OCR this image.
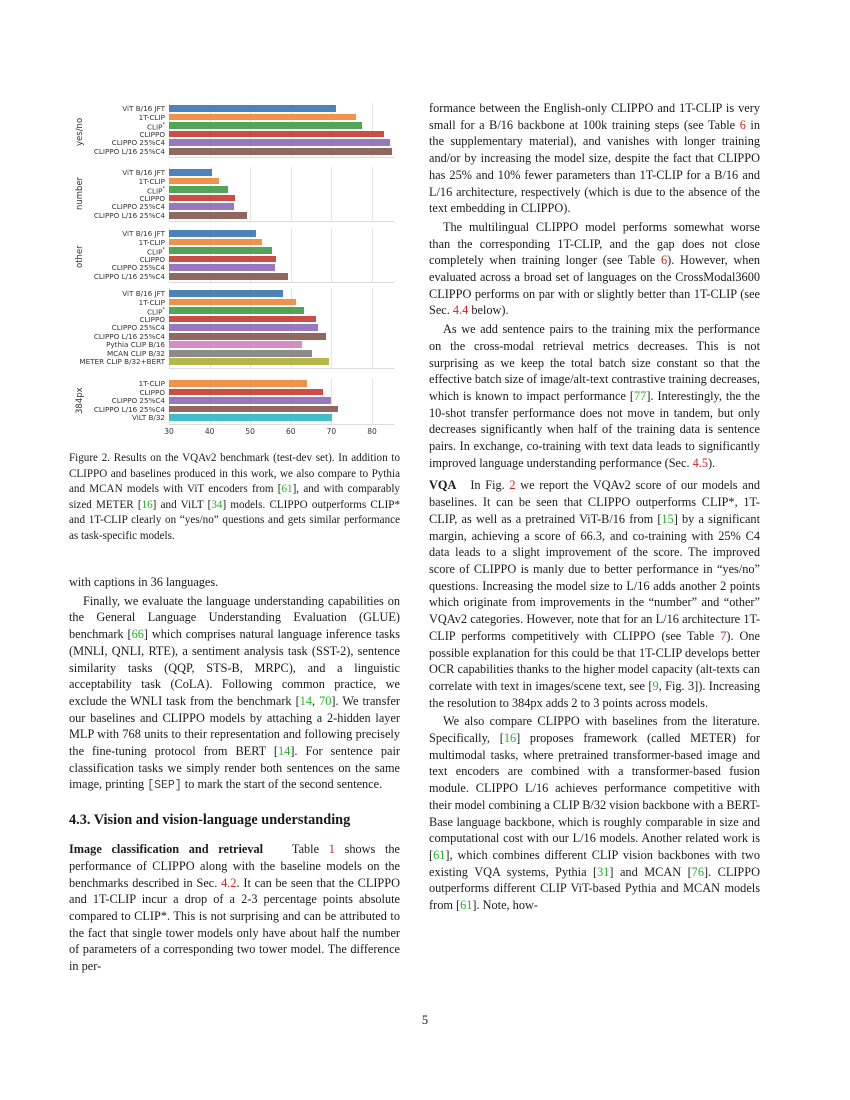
yes/no
ViT B/16 JFT
1T-CLIP
CLIP*
CLIPPO
CLIPPO 25%C4
CLIPPO L/16 25%C4
number
ViT B/16 JFT
1T-CLIP
CLIP*
CLIPPO
CLIPPO 25%C4
CLIPPO L/16 25%C4
other
ViT B/16 JFT
1T-CLIP
CLIP*
CLIPPO
CLIPPO 25%C4
CLIPPO L/16 25%C4
ViT B/16 JFT
1T-CLIP
CLIP*
CLIPPO
CLIPPO 25%C4
CLIPPO L/16 25%C4
Pythia CLIP B/16
MCAN CLIP B/32
METER CLIP B/32+BERT
384px
1T-CLIP
CLIPPO
CLIPPO 25%C4
CLIPPO L/16 25%C4
ViLT B/32
30	40	50	60	70	80
Figure 2. Results on the VQAv2 benchmark (test-dev set). In addition to CLIPPO and baselines produced in this work, we also compare to Pythia and MCAN models with ViT encoders from [61], and with comparably sized METER [16] and ViLT [34] models. CLIPPO outperforms CLIP* and 1T-CLIP clearly on “yes/no” questions and gets similar performance as task-specific models.

with captions in 36 languages.

Finally, we evaluate the language understanding capabilities on the General Language Understanding Evaluation (GLUE) benchmark [66] which comprises natural language inference tasks (MNLI, QNLI, RTE), a sentiment analysis task (SST-2), sentence similarity tasks (QQP, STS-B, MRPC), and a linguistic acceptability task (CoLA). Following common practice, we exclude the WNLI task from the benchmark [14, 70]. We transfer our baselines and CLIPPO models by attaching a 2-hidden layer MLP with 768 units to their representation and following precisely the fine-tuning protocol from BERT [14]. For sentence pair classification tasks we simply render both sentences on the same image, printing [SEP] to mark the start of the second sentence.

4.3. Vision and vision-language understanding

Image classification and retrieval   Table 1 shows the performance of CLIPPO along with the baseline models on the benchmarks described in Sec. 4.2. It can be seen that the CLIPPO and 1T-CLIP incur a drop of a 2-3 percentage points absolute compared to CLIP*. This is not surprising and can be attributed to the fact that single tower models only have about half the number of parameters of a corresponding two tower model. The difference in per-

formance between the English-only CLIPPO and 1T-CLIP is very small for a B/16 backbone at 100k training steps (see Table 6 in the supplementary material), and vanishes with longer training and/or by increasing the model size, despite the fact that CLIPPO has 25% and 10% fewer parameters than 1T-CLIP for a B/16 and L/16 architecture, respectively (which is due to the absence of the text embedding in CLIPPO).

The multilingual CLIPPO model performs somewhat worse than the corresponding 1T-CLIP, and the gap does not close completely when training longer (see Table 6). However, when evaluated across a broad set of languages on the CrossModal3600 CLIPPO performs on par with or slightly better than 1T-CLIP (see Sec. 4.4 below).

As we add sentence pairs to the training mix the performance on the cross-modal retrieval metrics decreases. This is not surprising as we keep the total batch size constant so that the effective batch size of image/alt-text contrastive training decreases, which is known to impact performance [77]. Interestingly, the the 10-shot transfer performance does not move in tandem, but only decreases significantly when half of the training data is sentence pairs. In exchange, co-training with text data leads to significantly improved language understanding performance (Sec. 4.5).

VQA   In Fig. 2 we report the VQAv2 score of our models and baselines. It can be seen that CLIPPO outperforms CLIP*, 1T-CLIP, as well as a pretrained ViT-B/16 from [15] by a significant margin, achieving a score of 66.3, and co-training with 25% C4 data leads to a slight improvement of the score. The improved score of CLIPPO is manly due to better performance in “yes/no” questions. Increasing the model size to L/16 adds another 2 points which originate from improvements in the “number” and “other” VQAv2 categories. However, note that for an L/16 architecture 1T-CLIP performs competitively with CLIPPO (see Table 7). One possible explanation for this could be that 1T-CLIP develops better OCR capabilities thanks to the higher model capacity (alt-texts can correlate with text in images/scene text, see [9, Fig. 3]). Increasing the resolution to 384px adds 2 to 3 points across models.

We also compare CLIPPO with baselines from the literature. Specifically, [16] proposes framework (called METER) for multimodal tasks, where pretrained transformer-based image and text encoders are combined with a transformer-based fusion module. CLIPPO L/16 achieves performance competitive with their model combining a CLIP B/32 vision backbone with a BERT-Base language backbone, which is roughly comparable in size and computational cost with our L/16 models. Another related work is [61], which combines different CLIP vision backbones with two existing VQA systems, Pythia [31] and MCAN [76]. CLIPPO outperforms different CLIP ViT-based Pythia and MCAN models from [61]. Note, how-

5
